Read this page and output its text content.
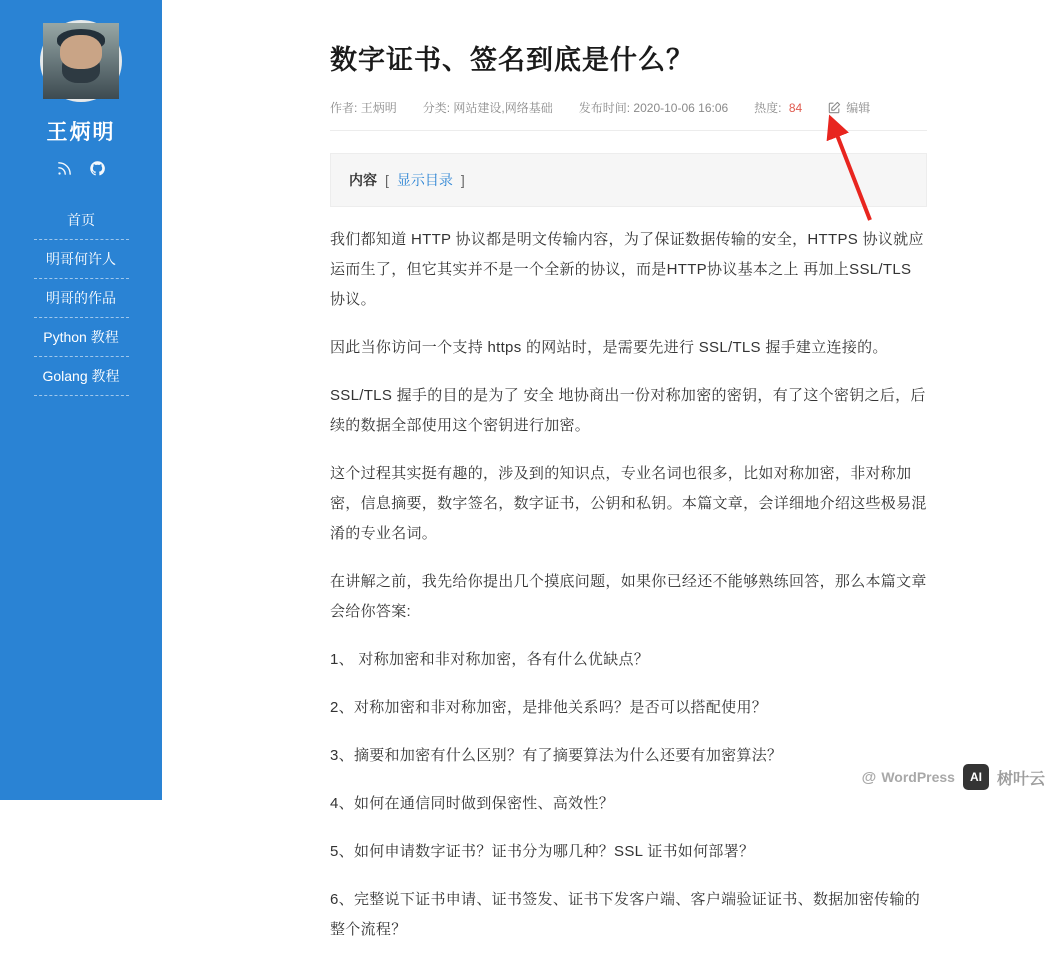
王炳明
首页
明哥何许人
明哥的作品
Python 教程
Golang 教程
数字证书、签名到底是什么？
作者: 王炳明 分类: 网站建设,网络基础 发布时间: 2020-10-06 16:06 热度: 84	编辑
内容 [ 显示目录 ]

我们都知道 HTTP 协议都是明文传输内容，为了保证数据传输的安全，HTTPS 协议就应运而生了，但它其实并不是一个全新的协议，而是HTTP协议基本之上 再加上SSL/TLS 协议。

因此当你访问一个支持 https 的网站时，是需要先进行 SSL/TLS 握手建立连接的。

SSL/TLS 握手的目的是为了 安全 地协商出一份对称加密的密钥，有了这个密钥之后，后续的数据全部使用这个密钥进行加密。

这个过程其实挺有趣的，涉及到的知识点，专业名词也很多，比如对称加密，非对称加密，信息摘要，数字签名，数字证书，公钥和私钥。本篇文章，会详细地介绍这些极易混淆的专业名词。

在讲解之前，我先给你提出几个摸底问题，如果你已经还不能够熟练回答，那么本篇文章会给你答案:

1、 对称加密和非对称加密，各有什么优缺点？

2、对称加密和非对称加密，是排他关系吗？是否可以搭配使用？

3、摘要和加密有什么区别？有了摘要算法为什么还要有加密算法？

4、如何在通信同时做到保密性、高效性？

5、如何申请数字证书？证书分为哪几种？SSL 证书如何部署？

6、完整说下证书申请、证书签发、证书下发客户端、客户端验证证书、数据加密传输的整个流程？

@ WordPress	AI 树叶云
